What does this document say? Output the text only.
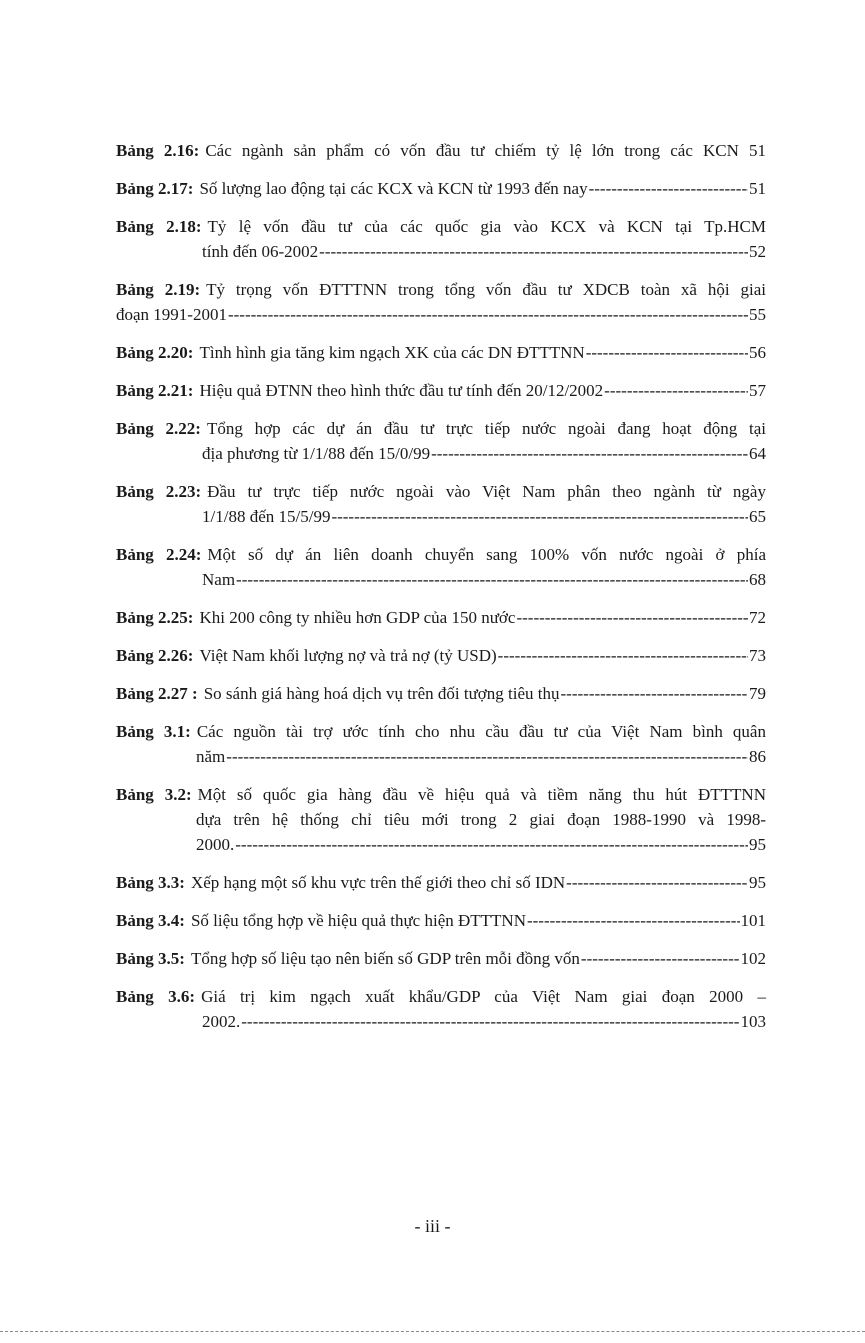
Bảng 2.16: Các ngành sản phẩm có vốn đầu tư chiếm tỷ lệ lớn trong các KCN 51
Bảng 2.17: Số lượng lao động tại các KCX và KCN từ 1993 đến nay -----	51
Bảng 2.18: Tỷ lệ vốn đầu tư của các quốc gia vào KCX và KCN tại Tp.HCM
tính đến 06-2002 -----	52
Bảng 2.19: Tỷ trọng vốn ĐTTTNN trong tổng vốn đầu tư XDCB toàn xã hội giai
đoạn 1991-2001 -----	55
Bảng 2.20: Tình hình gia tăng kim ngạch XK của các DN ĐTTTNN -----	56
Bảng 2.21: Hiệu quả ĐTNN theo hình thức đầu tư tính đến 20/12/2002 -----	57
Bảng 2.22: Tổng hợp các dự án đầu tư trực tiếp nước ngoài đang hoạt động tại
địa phương từ 1/1/88 đến 15/0/99 -----	64
Bảng 2.23: Đầu tư trực tiếp nước ngoài vào Việt Nam phân theo ngành từ ngày
1/1/88 đến 15/5/99 -----	65
Bảng 2.24: Một số dự án liên doanh chuyển sang 100% vốn nước ngoài ở phía
Nam -----	68
Bảng 2.25: Khi 200 công ty nhiều hơn GDP của 150 nước -----	72
Bảng 2.26: Việt Nam khối lượng nợ và trả nợ (tỷ USD) -----	73
Bảng 2.27 : So sánh giá hàng hoá dịch vụ trên đối tượng tiêu thụ -----	79
Bảng 3.1: Các nguồn tài trợ ước tính cho nhu cầu đầu tư của Việt Nam bình quân
năm -----	86
Bảng 3.2: Một số quốc gia hàng đầu về hiệu quả và tiềm năng thu hút ĐTTTNN
dựa trên hệ thống chỉ tiêu mới trong 2 giai đoạn 1988-1990 và 1998-
2000. -----	95
Bảng 3.3: Xếp hạng một số khu vực trên thế giới theo chỉ số IDN -----	95
Bảng 3.4: Số liệu tổng hợp về hiệu quả thực hiện ĐTTTNN -----	101
Bảng 3.5: Tổng hợp số liệu tạo nên biến số GDP trên mỗi đồng vốn -----	102
Bảng 3.6: Giá trị kim ngạch xuất khẩu/GDP của Việt Nam giai đoạn 2000 –
2002. -----	103
- iii -
